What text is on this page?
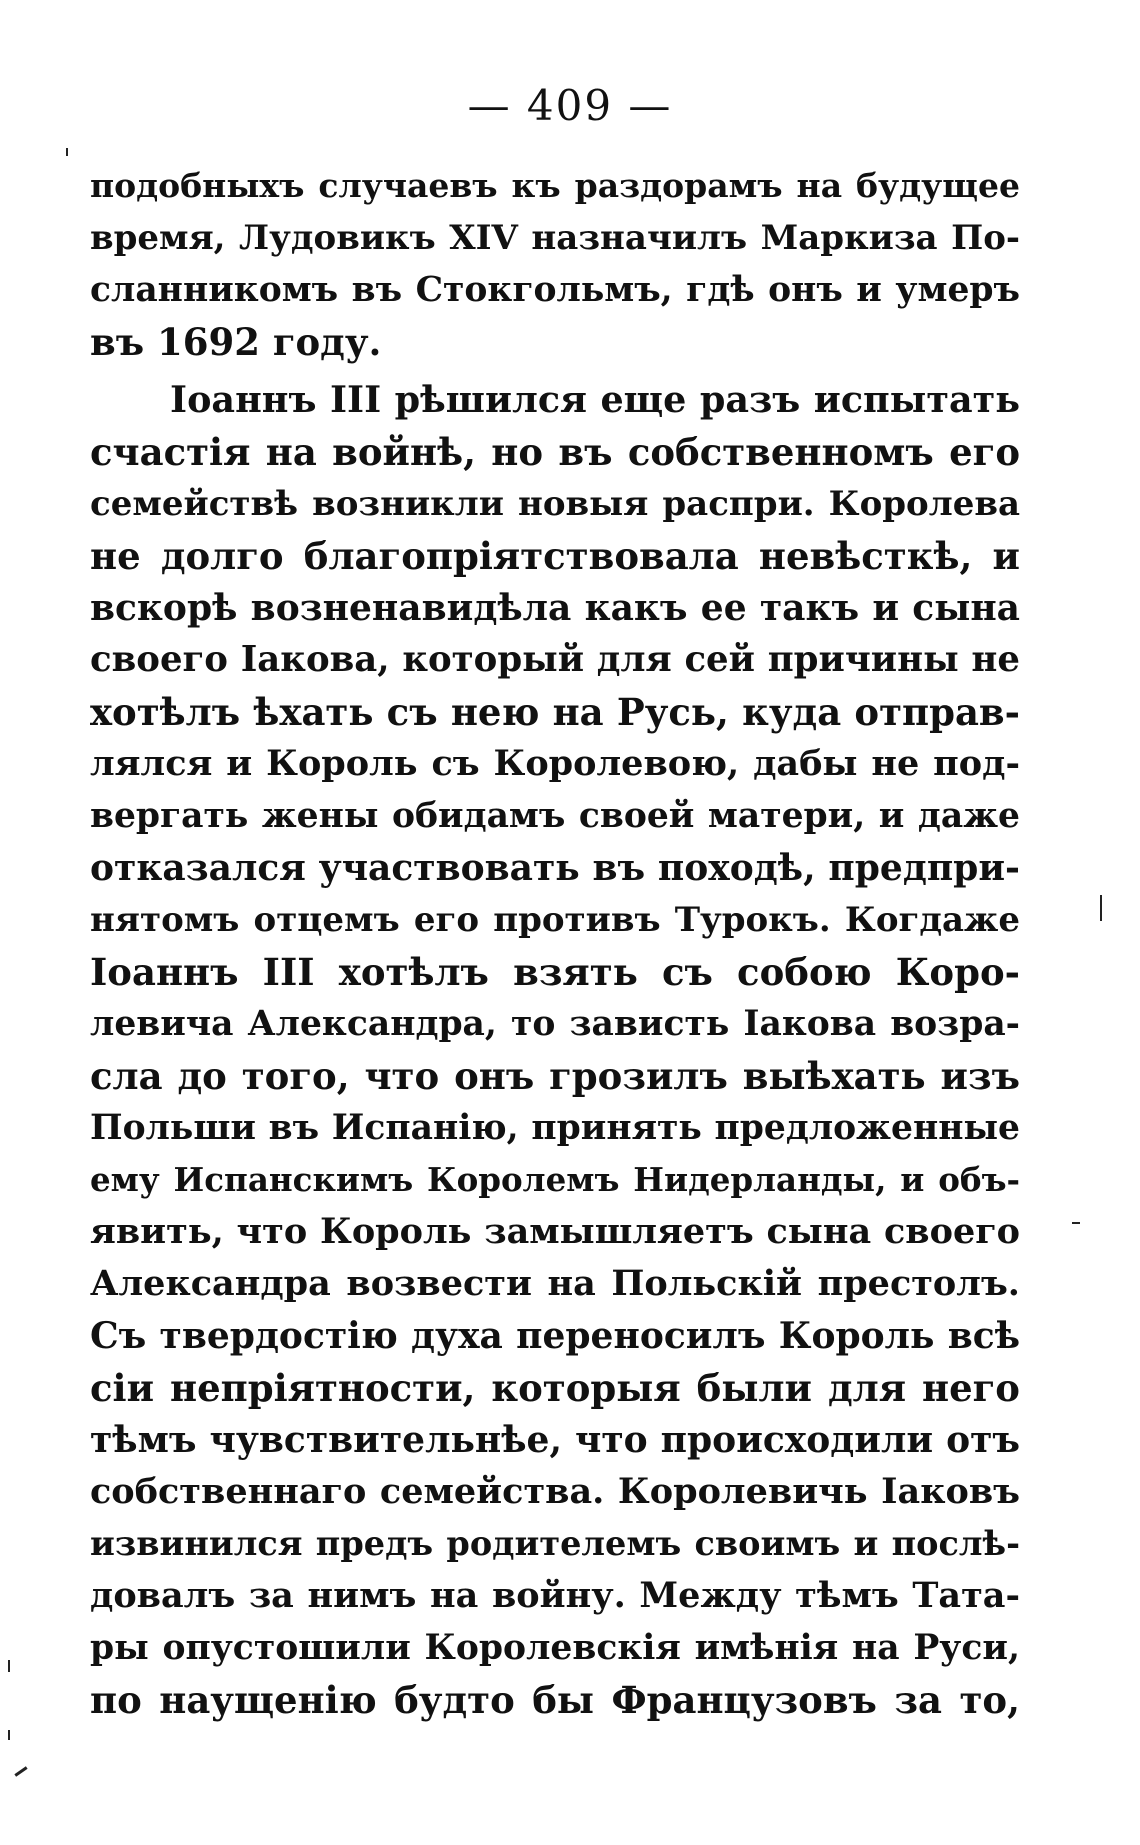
— 409 —
подобныхъ случаевъ къ раздорамъ на будущее
время, Лудовикъ XIV назначилъ Маркиза По-
сланникомъ въ Стокгольмъ, гдѣ онъ и умеръ
въ 1692 году.
Іоаннъ III рѣшился еще разъ испытать
счастія на войнѣ, но въ собственномъ его
семействѣ возникли новыя распри. Королева
не долго благопріятствовала невѣсткѣ, и
вскорѣ возненавидѣла какъ ее такъ и сына
своего Іакова, который для сей причины не
хотѣлъ ѣхать съ нею на Русь, куда отправ-
лялся и Король съ Королевою, дабы не под-
вергать жены обидамъ своей матери, и даже
отказался участвовать въ походѣ, предпри-
нятомъ отцемъ его противъ Турокъ. Когдаже
Іоаннъ III хотѣлъ взять съ собою Коро-
левича Александра, то зависть Іакова возра-
сла до того, что онъ грозилъ выѣхать изъ
Польши въ Испанію, принять предложенные
ему Испанскимъ Королемъ Нидерланды, и объ-
явить, что Король замышляетъ сына своего
Александра возвести на Польскій престолъ.
Съ твердостію духа переносилъ Король всѣ
сіи непріятности, которыя были для него
тѣмъ чувствительнѣе, что происходили отъ
собственнаго семейства. Королевичь Іаковъ
извинился предъ родителемъ своимъ и послѣ-
довалъ за нимъ на войну. Между тѣмъ Тата-
ры опустошили Королевскія имѣнія на Руси,
по наущенію будто бы Французовъ за то,
